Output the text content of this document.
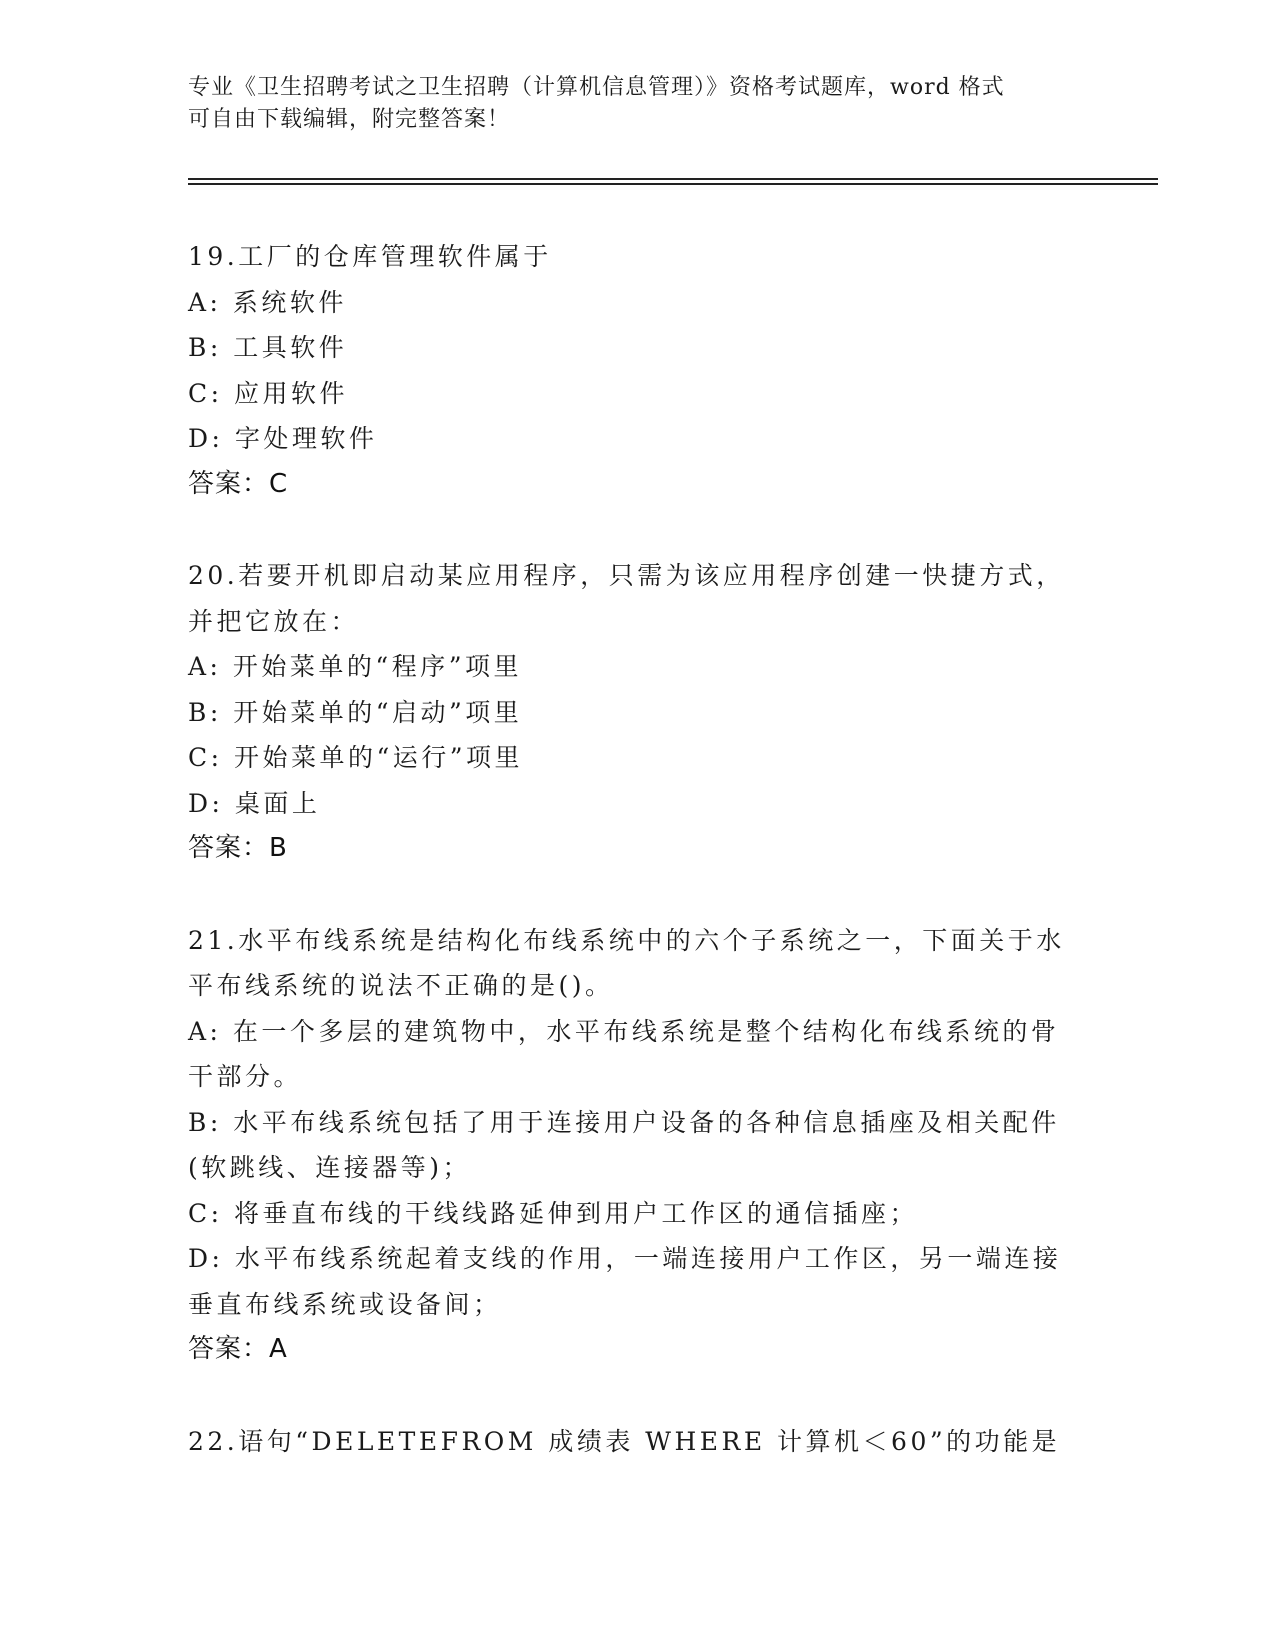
专业《卫生招聘考试之卫生招聘（计算机信息管理）》资格考试题库，word 格式
可自由下载编辑，附完整答案！
19.工厂的仓库管理软件属于
A: 系统软件
B: 工具软件
C: 应用软件
D: 字处理软件
答案：C
20.若要开机即启动某应用程序，只需为该应用程序创建一快捷方式，
并把它放在：
A: 开始菜单的“程序”项里
B: 开始菜单的“启动”项里
C: 开始菜单的“运行”项里
D: 桌面上
答案：B
21.水平布线系统是结构化布线系统中的六个子系统之一，下面关于水
平布线系统的说法不正确的是()。
A: 在一个多层的建筑物中，水平布线系统是整个结构化布线系统的骨
干部分。
B: 水平布线系统包括了用于连接用户设备的各种信息插座及相关配件
(软跳线、连接器等)；
C: 将垂直布线的干线线路延伸到用户工作区的通信插座；
D: 水平布线系统起着支线的作用，一端连接用户工作区，另一端连接
垂直布线系统或设备间；
答案：A
22.语句“DELETEFROM 成绩表 WHERE 计算机＜60”的功能是
